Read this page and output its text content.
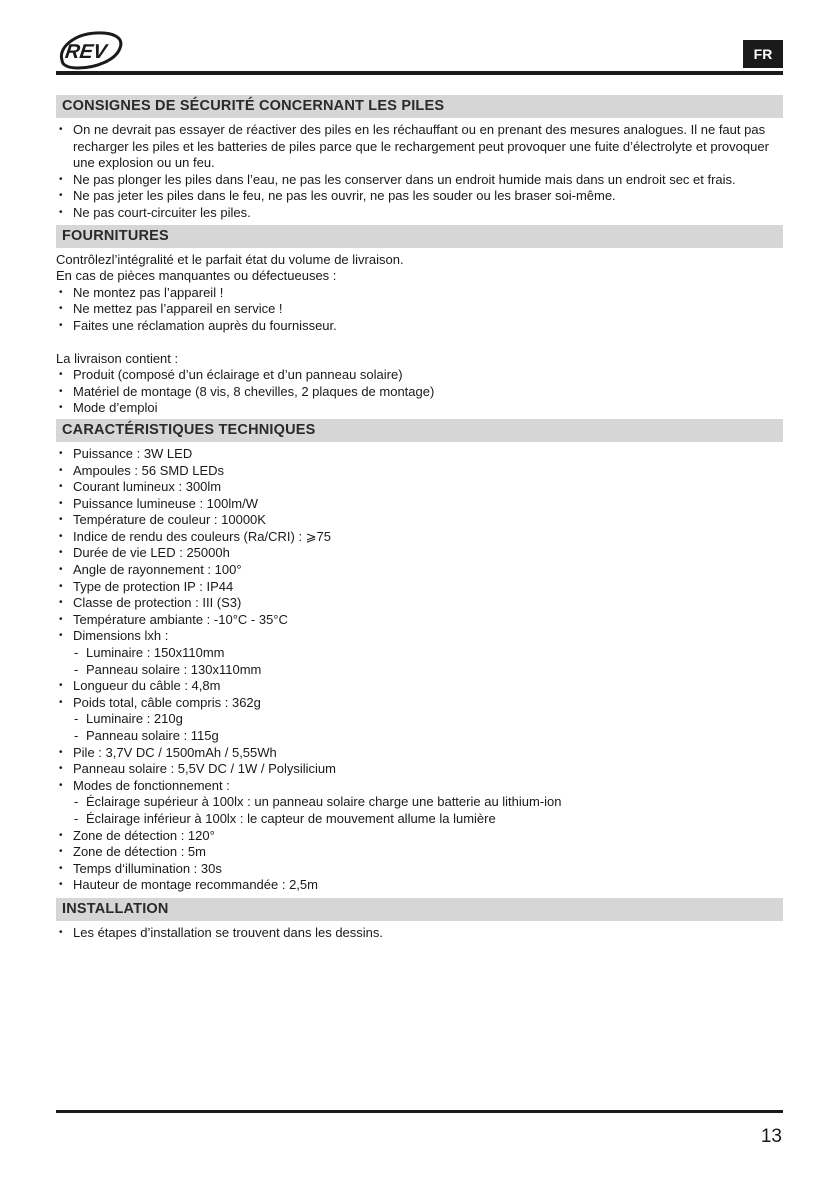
REV	FR
CONSIGNES DE SÉCURITÉ CONCERNANT LES PILES
• On ne devrait pas essayer de réactiver des piles en les réchauffant ou en prenant des mesures analogues. Il ne faut pas recharger les piles et les batteries de piles parce que le rechargement peut provoquer une fuite d’électrolyte et provoquer une explosion ou un feu.
• Ne pas plonger les piles dans l’eau, ne pas les conserver dans un endroit humide mais dans un endroit sec et frais.
• Ne pas jeter les piles dans le feu, ne pas les ouvrir, ne pas les souder ou les braser soi-même.
• Ne pas court-circuiter les piles.
FOURNITURES

Contrôlezl’intégralité et le parfait état du volume de livraison.

En cas de pièces manquantes ou défectueuses :

• Ne montez pas l’appareil !
• Ne mettez pas l’appareil en service !
• Faites une réclamation auprès du fournisseur.

La livraison contient :

• Produit (composé d’un éclairage et d’un panneau solaire)
• Matériel de montage (8 vis, 8 chevilles, 2 plaques de montage)
• Mode d’emploi
CARACTÉRISTIQUES TECHNIQUES
• Puissance : 3W LED
• Ampoules : 56 SMD LEDs
• Courant lumineux : 300lm
• Puissance lumineuse : 100lm/W
• Température de couleur : 10000K
• Indice de rendu des couleurs (Ra/CRI) : ⩾75
• Durée de vie LED : 25000h
• Angle de rayonnement : 100°
• Type de protection IP : IP44
• Classe de protection : III (S3)
• Température ambiante : -10°C - 35°C
• Dimensions lxh :
- Luminaire : 150x110mm
- Panneau solaire : 130x110mm
• Longueur du câble : 4,8m
• Poids total, câble compris : 362g
- Luminaire : 210g
- Panneau solaire : 115g
• Pile : 3,7V DC / 1500mAh / 5,55Wh
• Panneau solaire : 5,5V DC / 1W / Polysilicium
• Modes de fonctionnement :
- Éclairage supérieur à 100lx : un panneau solaire charge une batterie au lithium-ion
- Éclairage inférieur à 100lx : le capteur de mouvement allume la lumière
• Zone de détection : 120°
• Zone de détection : 5m
• Temps d‘illumination : 30s
• Hauteur de montage recommandée : 2,5m
INSTALLATION
• Les étapes d’installation se trouvent dans les dessins.
13
